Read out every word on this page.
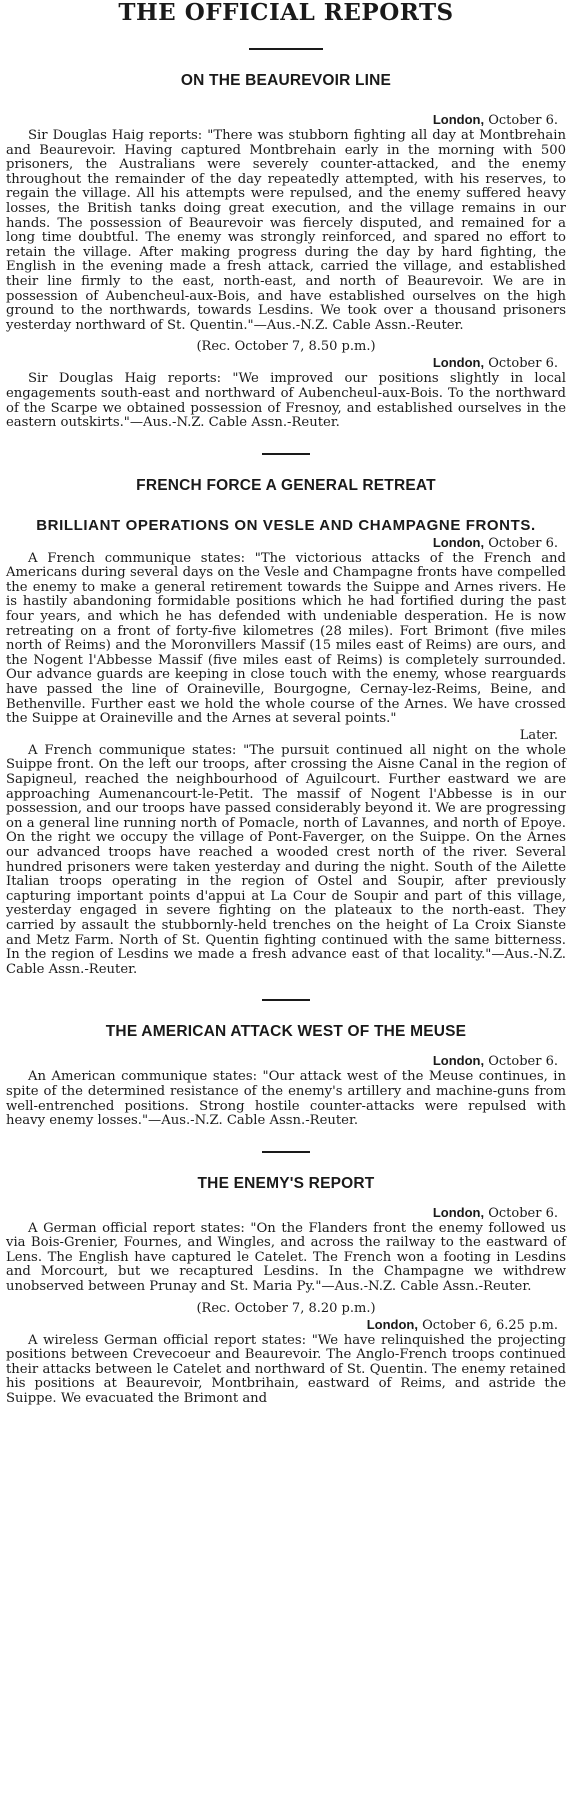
THE OFFICIAL REPORTS
ON THE BEAUREVOIR LINE

London, October 6.

Sir Douglas Haig reports: "There was stubborn fighting all day at Montbrehain and Beaurevoir. Having captured Montbrehain early in the morning with 500 prisoners, the Australians were severely counter-attacked, and the enemy throughout the remainder of the day repeatedly attempted, with his reserves, to regain the village. All his attempts were repulsed, and the enemy suffered heavy losses, the British tanks doing great execution, and the village remains in our hands. The possession of Beaurevoir was fiercely disputed, and remained for a long time doubtful. The enemy was strongly reinforced, and spared no effort to retain the village. After making progress during the day by hard fighting, the English in the evening made a fresh attack, carried the village, and established their line firmly to the east, north-east, and north of Beaurevoir. We are in possession of Aubencheul-aux-Bois, and have established ourselves on the high ground to the northwards, towards Lesdins. We took over a thousand prisoners yesterday northward of St. Quentin."—Aus.-N.Z. Cable Assn.-Reuter.

(Rec. October 7, 8.50 p.m.)

London, October 6.

Sir Douglas Haig reports: "We improved our positions slightly in local engagements south-east and northward of Aubencheul-aux-Bois. To the northward of the Scarpe we obtained possession of Fresnoy, and established ourselves in the eastern outskirts."—Aus.-N.Z. Cable Assn.-Reuter.

FRENCH FORCE A GENERAL RETREAT
BRILLIANT OPERATIONS ON VESLE AND CHAMPAGNE FRONTS.

London, October 6.

A French communique states: "The victorious attacks of the French and Americans during several days on the Vesle and Champagne fronts have compelled the enemy to make a general retirement towards the Suippe and Arnes rivers. He is hastily abandoning formidable positions which he had fortified during the past four years, and which he has defended with undeniable desperation. He is now retreating on a front of forty-five kilometres (28 miles). Fort Brimont (five miles north of Reims) and the Moronvillers Massif (15 miles east of Reims) are ours, and the Nogent l'Abbesse Massif (five miles east of Reims) is completely surrounded. Our advance guards are keeping in close touch with the enemy, whose rearguards have passed the line of Oraineville, Bourgogne, Cernay-lez-Reims, Beine, and Bethenville. Further east we hold the whole course of the Arnes. We have crossed the Suippe at Oraineville and the Arnes at several points."

Later.

A French communique states: "The pursuit continued all night on the whole Suippe front. On the left our troops, after crossing the Aisne Canal in the region of Sapigneul, reached the neighbourhood of Aguilcourt. Further eastward we are approaching Aumenancourt-le-Petit. The massif of Nogent l'Abbesse is in our possession, and our troops have passed considerably beyond it. We are progressing on a general line running north of Pomacle, north of Lavannes, and north of Epoye. On the right we occupy the village of Pont-Faverger, on the Suippe. On the Arnes our advanced troops have reached a wooded crest north of the river. Several hundred prisoners were taken yesterday and during the night. South of the Ailette Italian troops operating in the region of Ostel and Soupir, after previously capturing important points d'appui at La Cour de Soupir and part of this village, yesterday engaged in severe fighting on the plateaux to the north-east. They carried by assault the stubbornly-held trenches on the height of La Croix Sianste and Metz Farm. North of St. Quentin fighting continued with the same bitterness. In the region of Lesdins we made a fresh advance east of that locality."—Aus.-N.Z. Cable Assn.-Reuter.

THE AMERICAN ATTACK WEST OF THE MEUSE

London, October 6.

An American communique states: "Our attack west of the Meuse continues, in spite of the determined resistance of the enemy's artillery and machine-guns from well-entrenched positions. Strong hostile counter-attacks were repulsed with heavy enemy losses."—Aus.-N.Z. Cable Assn.-Reuter.

THE ENEMY'S REPORT

London, October 6.

A German official report states: "On the Flanders front the enemy followed us via Bois-Grenier, Fournes, and Wingles, and across the railway to the eastward of Lens. The English have captured le Catelet. The French won a footing in Lesdins and Morcourt, but we recaptured Lesdins. In the Champagne we withdrew unobserved between Prunay and St. Maria Py."—Aus.-N.Z. Cable Assn.-Reuter.

(Rec. October 7, 8.20 p.m.)

London, October 6, 6.25 p.m.

A wireless German official report states: "We have relinquished the projecting positions between Crevecoeur and Beaurevoir. The Anglo-French troops continued their attacks between le Catelet and northward of St. Quentin. The enemy retained his positions at Beaurevoir, Montbrihain, eastward of Reims, and astride the Suippe. We evacuated the Brimont and
